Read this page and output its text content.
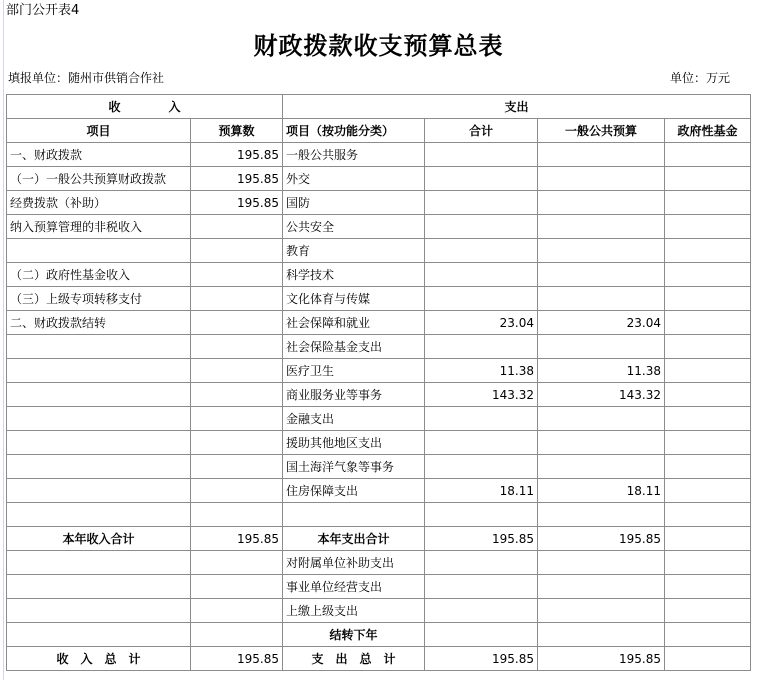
部门公开表4
财政拨款收支预算总表
填报单位：随州市供销合作社	单位：万元
收　　　　入		支出			
项目	预算数	项目（按功能分类）	合计	一般公共预算	政府性基金
一、财政拨款	195.85	一般公共服务			
（一）一般公共预算财政拨款	195.85	外交			
经费拨款（补助）	195.85	国防			
纳入预算管理的非税收入		公共安全			
		教育			
（二）政府性基金收入		科学技术			
（三）上级专项转移支付		文化体育与传媒			
二、财政拨款结转		社会保障和就业	23.04	23.04	
		社会保险基金支出			
		医疗卫生	11.38	11.38	
		商业服务业等事务	143.32	143.32	
		金融支出			
		援助其他地区支出			
		国土海洋气象等事务			
		住房保障支出	18.11	18.11	

本年收入合计	195.85	本年支出合计	195.85	195.85	
		对附属单位补助支出			
		事业单位经营支出			
		上缴上级支出			
		结转下年			
收　入　总　计	195.85	支　出　总　计	195.85	195.85	
